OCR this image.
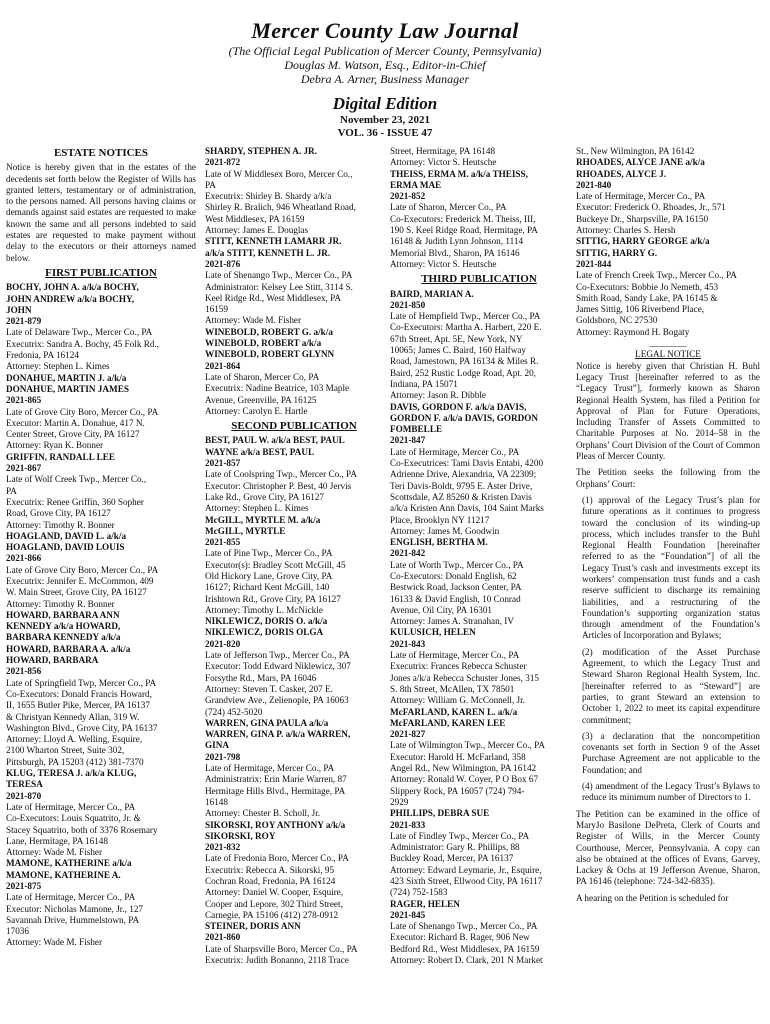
Mercer County Law Journal
(The Official Legal Publication of Mercer County, Pennsylvania)
Douglas M. Watson, Esq., Editor-in-Chief
Debra A. Arner, Business Manager
Digital Edition
November 23, 2021
VOL. 36 - ISSUE 47
ESTATE NOTICES
Notice is hereby given that in the estates of the decedents set forth below the Register of Wills has granted letters, testamentary or of administration, to the persons named. All persons having claims or demands against said estates are requested to make known the same and all persons indebted to said estates are requested to make payment without delay to the executors or their attorneys named below.
FIRST PUBLICATION
BOCHY, JOHN A. a/k/a BOCHY,
JOHN ANDREW a/k/a BOCHY,
JOHN
2021-879
Late of Delaware Twp., Mercer Co., PA
Executrix: Sandra A. Bochy, 45 Folk Rd.,
Fredonia, PA 16124
Attorney: Stephen L. Kimes
DONAHUE, MARTIN J. a/k/a
DONAHUE, MARTIN JAMES
2021-865
Late of Grove City Boro, Mercer Co., PA
Executor: Martin A. Donahue, 417 N.
Center Street, Grove City, PA 16127
Attorney: Ryan K. Bonner
GRIFFIN, RANDALL LEE
2021-867
Late of Wolf Creek Twp., Mercer Co.,
PA
Executrix: Renee Griffin, 360 Sopher
Road, Grove City, PA 16127
Attorney: Timothy R. Bonner
HOAGLAND, DAVID L. a/k/a
HOAGLAND, DAVID LOUIS
2021-866
Late of Grove City Boro, Mercer Co., PA
Executrix: Jennifer E. McCommon, 409
W. Main Street, Grove City, PA 16127
Attorney: Timothy R. Bonner
HOWARD, BARBARA ANN
KENNEDY a/k/a HOWARD,
BARBARA KENNEDY a/k/a
HOWARD, BARBARA A. a/k/a
HOWARD, BARBARA
2021-856
Late of Springfield Twp, Mercer Co., PA
Co-Executors: Donald Francis Howard,
II, 1655 Butler Pike, Mercer, PA 16137
& Christyan Kennedy Allan, 319 W.
Washington Blvd., Grove City, PA 16137
Attorney: Lloyd A. Welling, Esquire,
2100 Wharton Street, Suite 302,
Pittsburgh, PA 15203 (412) 381-7370
KLUG, TERESA J. a/k/a KLUG,
TERESA
2021-870
Late of Hermitage, Mercer Co., PA
Co-Executors: Louis Squatrito, Jr. &
Stacey Squatrito, both of 3376 Rosemary
Lane, Hermitage, PA 16148
Attorney: Wade M. Fisher
MAMONE, KATHERINE a/k/a
MAMONE, KATHERINE A.
2021-875
Late of Hermitage, Mercer Co., PA
Executor: Nicholas Mamone, Jr., 127
Savannah Drive, Hummelstown, PA
17036
Attorney: Wade M. Fisher
SHARDY, STEPHEN A. JR.
2021-872
Late of W Middlesex Boro, Mercer Co.,
PA
Executrix: Shirley B. Shardy a/k/a
Shirley R. Bralich, 946 Wheatland Road,
West Middlesex, PA 16159
Attorney: James E. Douglas
STITT, KENNETH LAMARR JR.
a/k/a STITT, KENNETH L. JR.
2021-876
Late of Shenango Twp., Mercer Co., PA
Administrator: Kelsey Lee Stitt, 3114 S.
Keel Ridge Rd., West Middlesex, PA
16159
Attorney: Wade M. Fisher
WINEBOLD, ROBERT G. a/k/a
WINEBOLD, ROBERT a/k/a
WINEBOLD, ROBERT GLYNN
2021-864
Late of Sharon, Mercer Co, PA
Executrix: Nadine Beatrice, 103 Maple
Avenue, Greenville, PA 16125
Attorney: Carolyn E. Hartle
SECOND PUBLICATION
BEST, PAUL W. a/k/a BEST, PAUL
WAYNE a/k/a BEST, PAUL
2021-857
Late of Coolspring Twp., Mercer Co., PA
Executor: Christopher P. Best, 40 Jervis
Lake Rd., Grove City, PA 16127
Attorney: Stephen L. Kimes
McGILL, MYRTLE M. a/k/a
McGILL, MYRTLE
2021-855
Late of Pine Twp., Mercer Co., PA
Executor(s): Bradley Scott McGill, 45
Old Hickory Lane, Grove City, PA
16127; Richard Kent McGill, 140
Irishtown Rd., Grove City, PA 16127
Attorney: Timothy L. McNickle
NIKLEWICZ, DORIS O. a/k/a
NIKLEWICZ, DORIS OLGA
2021-820
Late of Jefferson Twp., Mercer Co., PA
Executor: Todd Edward Niklewicz, 307
Forsythe Rd., Mars, PA 16046
Attorney: Steven T. Casker, 207 E.
Grandview Ave., Zelienople, PA 16063
(724) 452-5020
WARREN, GINA PAULA a/k/a
WARREN, GINA P. a/k/a WARREN,
GINA
2021-798
Late of Hermitage, Mercer Co., PA
Administratrix: Erin Marie Warren, 87
Hermitage Hills Blvd., Hermitage, PA
16148
Attorney: Chester B. Scholl, Jr.
SIKORSKI, ROY ANTHONY a/k/a
SIKORSKI, ROY
2021-832
Late of Fredonia Boro, Mercer Co., PA
Executrix: Rebecca A. Sikorski, 95
Cochran Road, Fredonia, PA 16124
Attorney: Daniel W. Cooper, Esquire,
Cooper and Lepore, 302 Third Street,
Carnegie, PA 15106 (412) 278-0912
STEINER, DORIS ANN
2021-860
Late of Sharpsville Boro, Mercer Co., PA
Executrix: Judith Bonanno, 2118 Trace
Street, Hermitage, PA 16148
Attorney: Victor S. Heutsche
THEISS, ERMA M. a/k/a THEISS,
ERMA MAE
2021-852
Late of Sharon, Mercer Co., PA
Co-Executors: Frederick M. Theiss, III,
190 S. Keel Ridge Road, Hermitage, PA
16148 & Judith Lynn Johnson, 1114
Memorial Blvd., Sharon, PA 16146
Attorney: Victor S. Heutsche
THIRD PUBLICATION
BAIRD, MARIAN A.
2021-850
Late of Hempfield Twp., Mercer Co., PA
Co-Executors: Martha A. Harbert, 220 E.
67th Street, Apt. 5E, New York, NY
10065; James C. Baird, 160 Halfway
Road, Jamestown, PA 16134 & Miles R.
Baird, 252 Rustic Lodge Road, Apt. 20,
Indiana, PA 15071
Attorney: Jason R. Dibble
DAVIS, GORDON F. a/k/a DAVIS,
GORDON F. a/k/a DAVIS, GORDON
FOMBELLE
2021-847
Late of Hermitage, Mercer Co., PA
Co-Executrices: Tami Davis Entabi, 4200
Adrienne Drive, Alexandria, VA 22309;
Teri Davis-Boldt, 9795 E. Aster Drive,
Scottsdale, AZ 85260 & Kristen Davis
a/k/a Kristen Ann Davis, 104 Saint Marks
Place, Brooklyn NY 11217
Attorney: James M. Goodwin
ENGLISH, BERTHA M.
2021-842
Late of Worth Twp., Mercer Co., PA
Co-Executors: Donald English, 62
Bestwick Road, Jackson Center, PA
16133 & David English, 10 Conrad
Avenue, Oil City, PA 16301
Attorney: James A. Stranahan, IV
KULUSICH, HELEN
2021-843
Late of Hermitage, Mercer Co., PA
Executrix: Frances Rebecca Schuster
Jones a/k/a Rebecca Schuster Jones, 315
S. 8th Street, McAllen, TX 78501
Attorney: William G. McConnell, Jr.
McFARLAND, KAREN L. a/k/a
McFARLAND, KAREN LEE
2021-827
Late of Wilmington Twp., Mercer Co., PA
Executor: Harold H. McFarland, 358
Angel Rd., New Wilmington, PA 16142
Attorney: Ronald W. Coyer, P O Box 67
Slippery Rock, PA 16057 (724) 794-
2929
PHILLIPS, DEBRA SUE
2021-833
Late of Findley Twp., Mercer Co., PA
Administrator: Gary R. Phillips, 88
Buckley Road, Mercer, PA 16137
Attorney: Edward Leymarie, Jr., Esquire,
423 Sixth Street, Ellwood City, PA 16117
(724) 752-1583
RAGER, HELEN
2021-845
Late of Shenango Twp., Mercer Co., PA
Executor: Richard B. Rager, 906 New
Bedford Rd., West Middlesex, PA 16159
Attorney: Robert D. Clark, 201 N Market
St., New Wilmington, PA 16142
RHOADES, ALYCE JANE a/k/a
RHOADES, ALYCE J.
2021-840
Late of Hermitage, Mercer Co., PA
Executor: Frederick O. Rhoades, Jr., 571
Buckeye Dr., Sharpsville, PA 16150
Attorney: Charles S. Hersh
SITTIG, HARRY GEORGE a/k/a
SITTIG, HARRY G.
2021-844
Late of French Creek Twp., Mercer Co., PA
Co-Executors: Bobbie Jo Nemeth, 453
Smith Road, Sandy Lake, PA 16145 &
James Sittig, 106 Riverbend Place,
Goldsboro, NC 27530
Attorney: Raymond H. Bogaty
________
LEGAL NOTICE
Notice is hereby given that Christian H. Buhl Legacy Trust [hereinafter referred to as the “Legacy Trust”], formerly known as Sharon Regional Health System, has filed a Petition for Approval of Plan for Future Operations, Including Transfer of Assets Committed to Charitable Purposes at No. 2014–58 in the Orphans’ Court Division of the Court of Common Pleas of Mercer County.
The Petition seeks the following from the Orphans’ Court:
(1) approval of the Legacy Trust’s plan for future operations as it continues to progress toward the conclusion of its winding-up process, which includes transfer to the Buhl Regional Health Foundation [hereinafter referred to as the “Foundation”] of all the Legacy Trust’s cash and investments except its workers’ compensation trust funds and a cash reserve sufficient to discharge its remaining liabilities, and a restructuring of the Foundation’s supporting organization status through amendment of the Foundation’s Articles of Incorporation and Bylaws;
(2) modification of the Asset Purchase Agreement, to which the Legacy Trust and Steward Sharon Regional Health System, Inc. [hereinafter referred to as “Steward”] are parties, to grant Steward an extension to October 1, 2022 to meet its capital expenditure commitment;
(3) a declaration that the noncompetition covenants set forth in Section 9 of the Asset Purchase Agreement are not applicable to the Foundation; and
(4) amendment of the Legacy Trust’s Bylaws to reduce its minimum number of Directors to 1.
The Petition can be examined in the office of MaryJo Basilone DePreta, Clerk of Courts and Register of Wills, in the Mercer County Courthouse, Mercer, Pennsylvania. A copy can also be obtained at the offices of Evans, Garvey, Lackey & Ochs at 19 Jefferson Avenue, Sharon, PA 16146 (telephone: 724-342-6835).
A hearing on the Petition is scheduled for
